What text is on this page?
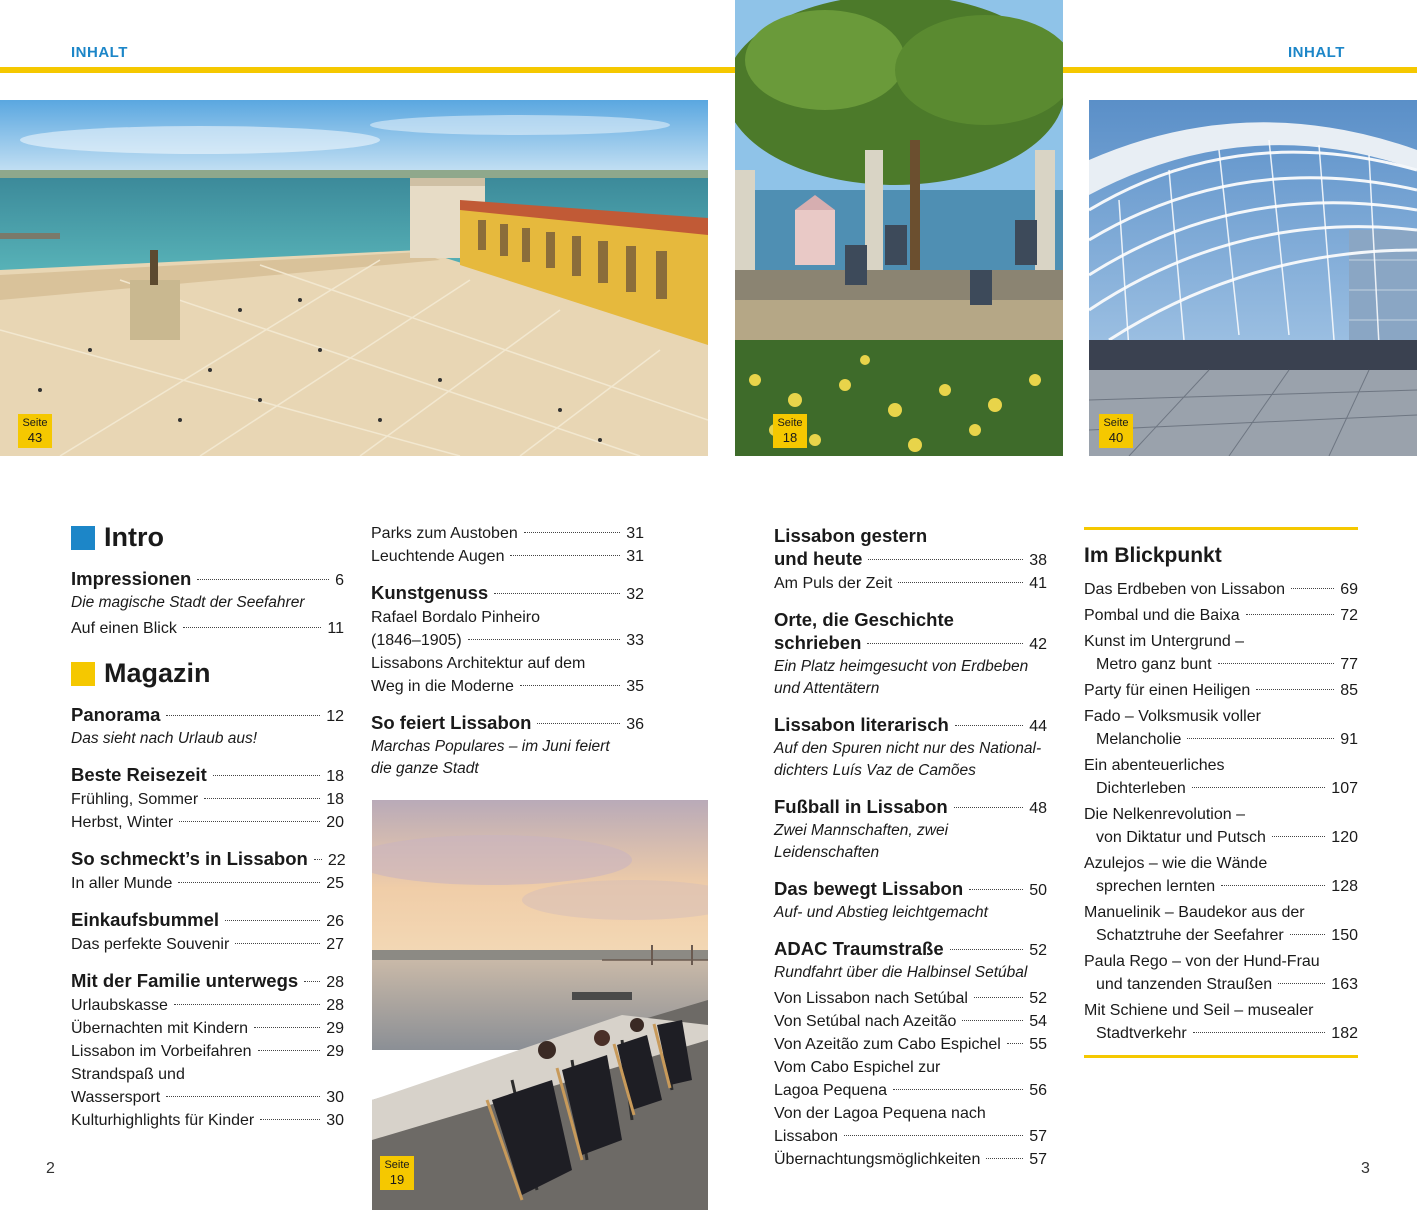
INHALT	INHALT
Seite
43
Seite
18
Seite
40
Seite
19
Intro
Impressionen	6
Die magische Stadt der Seefahrer
Auf einen Blick	11
Magazin
Panorama	12
Das sieht nach Urlaub aus!
Beste Reisezeit	18
Frühling, Sommer	18
Herbst, Winter	20
So schmeckt’s in Lissabon 22
In aller Munde	25
Einkaufsbummel	26
Das perfekte Souvenir	27
Mit der Familie unterwegs 28
Urlaubskasse	28
Übernachten mit Kindern	29
Lissabon im Vorbeifahren	29
Strandspaß und
Wassersport	30
Kulturhighlights für Kinder	30
Parks zum Austoben	31
Leuchtende Augen	31
Kunstgenuss	32
Rafael Bordalo Pinheiro
(1846–1905)	33
Lissabons Architektur auf dem
Weg in die Moderne	35
So feiert Lissabon	36
Marchas Populares – im Juni feiert
die ganze Stadt
Lissabon gestern
und heute	38
Am Puls der Zeit	41
Orte, die Geschichte
schrieben	42
Ein Platz heimgesucht von Erdbeben
und Attentätern
Lissabon literarisch	44
Auf den Spuren nicht nur des National-
dichters Luís Vaz de Camões
Fußball in Lissabon	48
Zwei Mannschaften, zwei Leidenschaften
Das bewegt Lissabon	50
Auf- und Abstieg leichtgemacht
ADAC Traumstraße	52
Rundfahrt über die Halbinsel Setúbal
Von Lissabon nach Setúbal	52
Von Setúbal nach Azeitão	54
Von Azeitão zum Cabo Espichel 55
Vom Cabo Espichel zur
Lagoa Pequena	56
Von der Lagoa Pequena nach
Lissabon	57
Übernachtungsmöglichkeiten	57
Im Blickpunkt
Das Erdbeben von Lissabon	69
Pombal und die Baixa	72
Kunst im Untergrund –
Metro ganz bunt	77
Party für einen Heiligen	85
Fado – Volksmusik voller
Melancholie	91
Ein abenteuerliches
Dichterleben	107
Die Nelkenrevolution –
von Diktatur und Putsch	120
Azulejos – wie die Wände
sprechen lernten	128
Manuelinik – Baudekor aus der
Schatztruhe der Seefahrer	150
Paula Rego – von der Hund-Frau
und tanzenden Straußen	163
Mit Schiene und Seil – musealer
Stadtverkehr	182
2	3
